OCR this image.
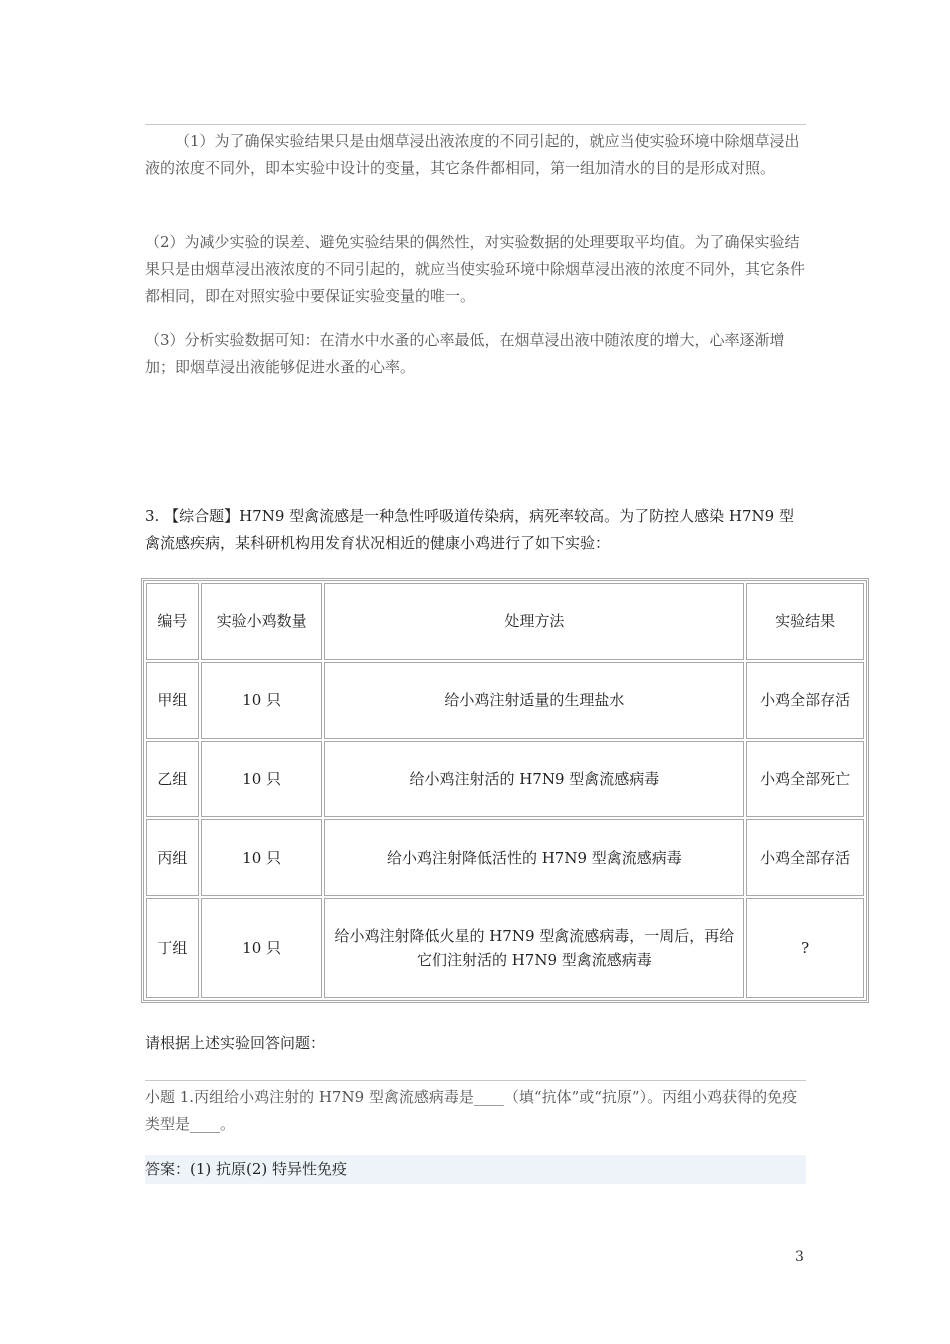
（1）为了确保实验结果只是由烟草浸出液浓度的不同引起的，就应当使实验环境中除烟草浸出液的浓度不同外，即本实验中设计的变量，其它条件都相同，第一组加清水的目的是形成对照。

（2）为减少实验的误差、避免实验结果的偶然性，对实验数据的处理要取平均值。为了确保实验结果只是由烟草浸出液浓度的不同引起的，就应当使实验环境中除烟草浸出液的浓度不同外，其它条件都相同，即在对照实验中要保证实验变量的唯一。

（3）分析实验数据可知：在清水中水蚤的心率最低，在烟草浸出液中随浓度的增大，心率逐渐增加；即烟草浸出液能够促进水蚤的心率。

3. 【综合题】H7N9 型禽流感是一种急性呼吸道传染病，病死率较高。为了防控人感染 H7N9 型禽流感疾病，某科研机构用发育状况相近的健康小鸡进行了如下实验：

编号	实验小鸡数量	处理方法	实验结果
甲组	10 只	给小鸡注射适量的生理盐水	小鸡全部存活
乙组	10 只	给小鸡注射活的 H7N9 型禽流感病毒	小鸡全部死亡
丙组	10 只	给小鸡注射降低活性的 H7N9 型禽流感病毒	小鸡全部存活
丁组	10 只	给小鸡注射降低火星的 H7N9 型禽流感病毒，一周后，再给它们注射活的 H7N9 型禽流感病毒	?

请根据上述实验回答问题：

小题 1.丙组给小鸡注射的 H7N9 型禽流感病毒是____（填“抗体”或“抗原”）。丙组小鸡获得的免疫类型是____。

答案：(1) 抗原(2) 特异性免疫
3
